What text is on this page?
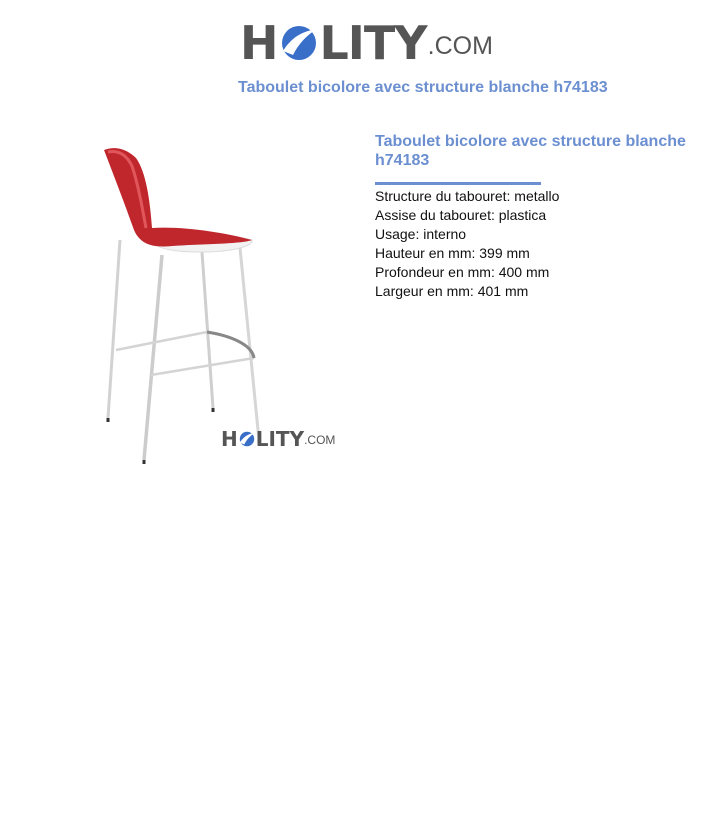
H LITY .COM
Taboulet bicolore avec structure blanche h74183
H LITY .COM
Taboulet bicolore avec structure blanche h74183
Structure du tabouret: metallo
Assise du tabouret: plastica
Usage: interno
Hauteur en mm: 399 mm
Profondeur en mm: 400 mm
Largeur en mm: 401 mm
